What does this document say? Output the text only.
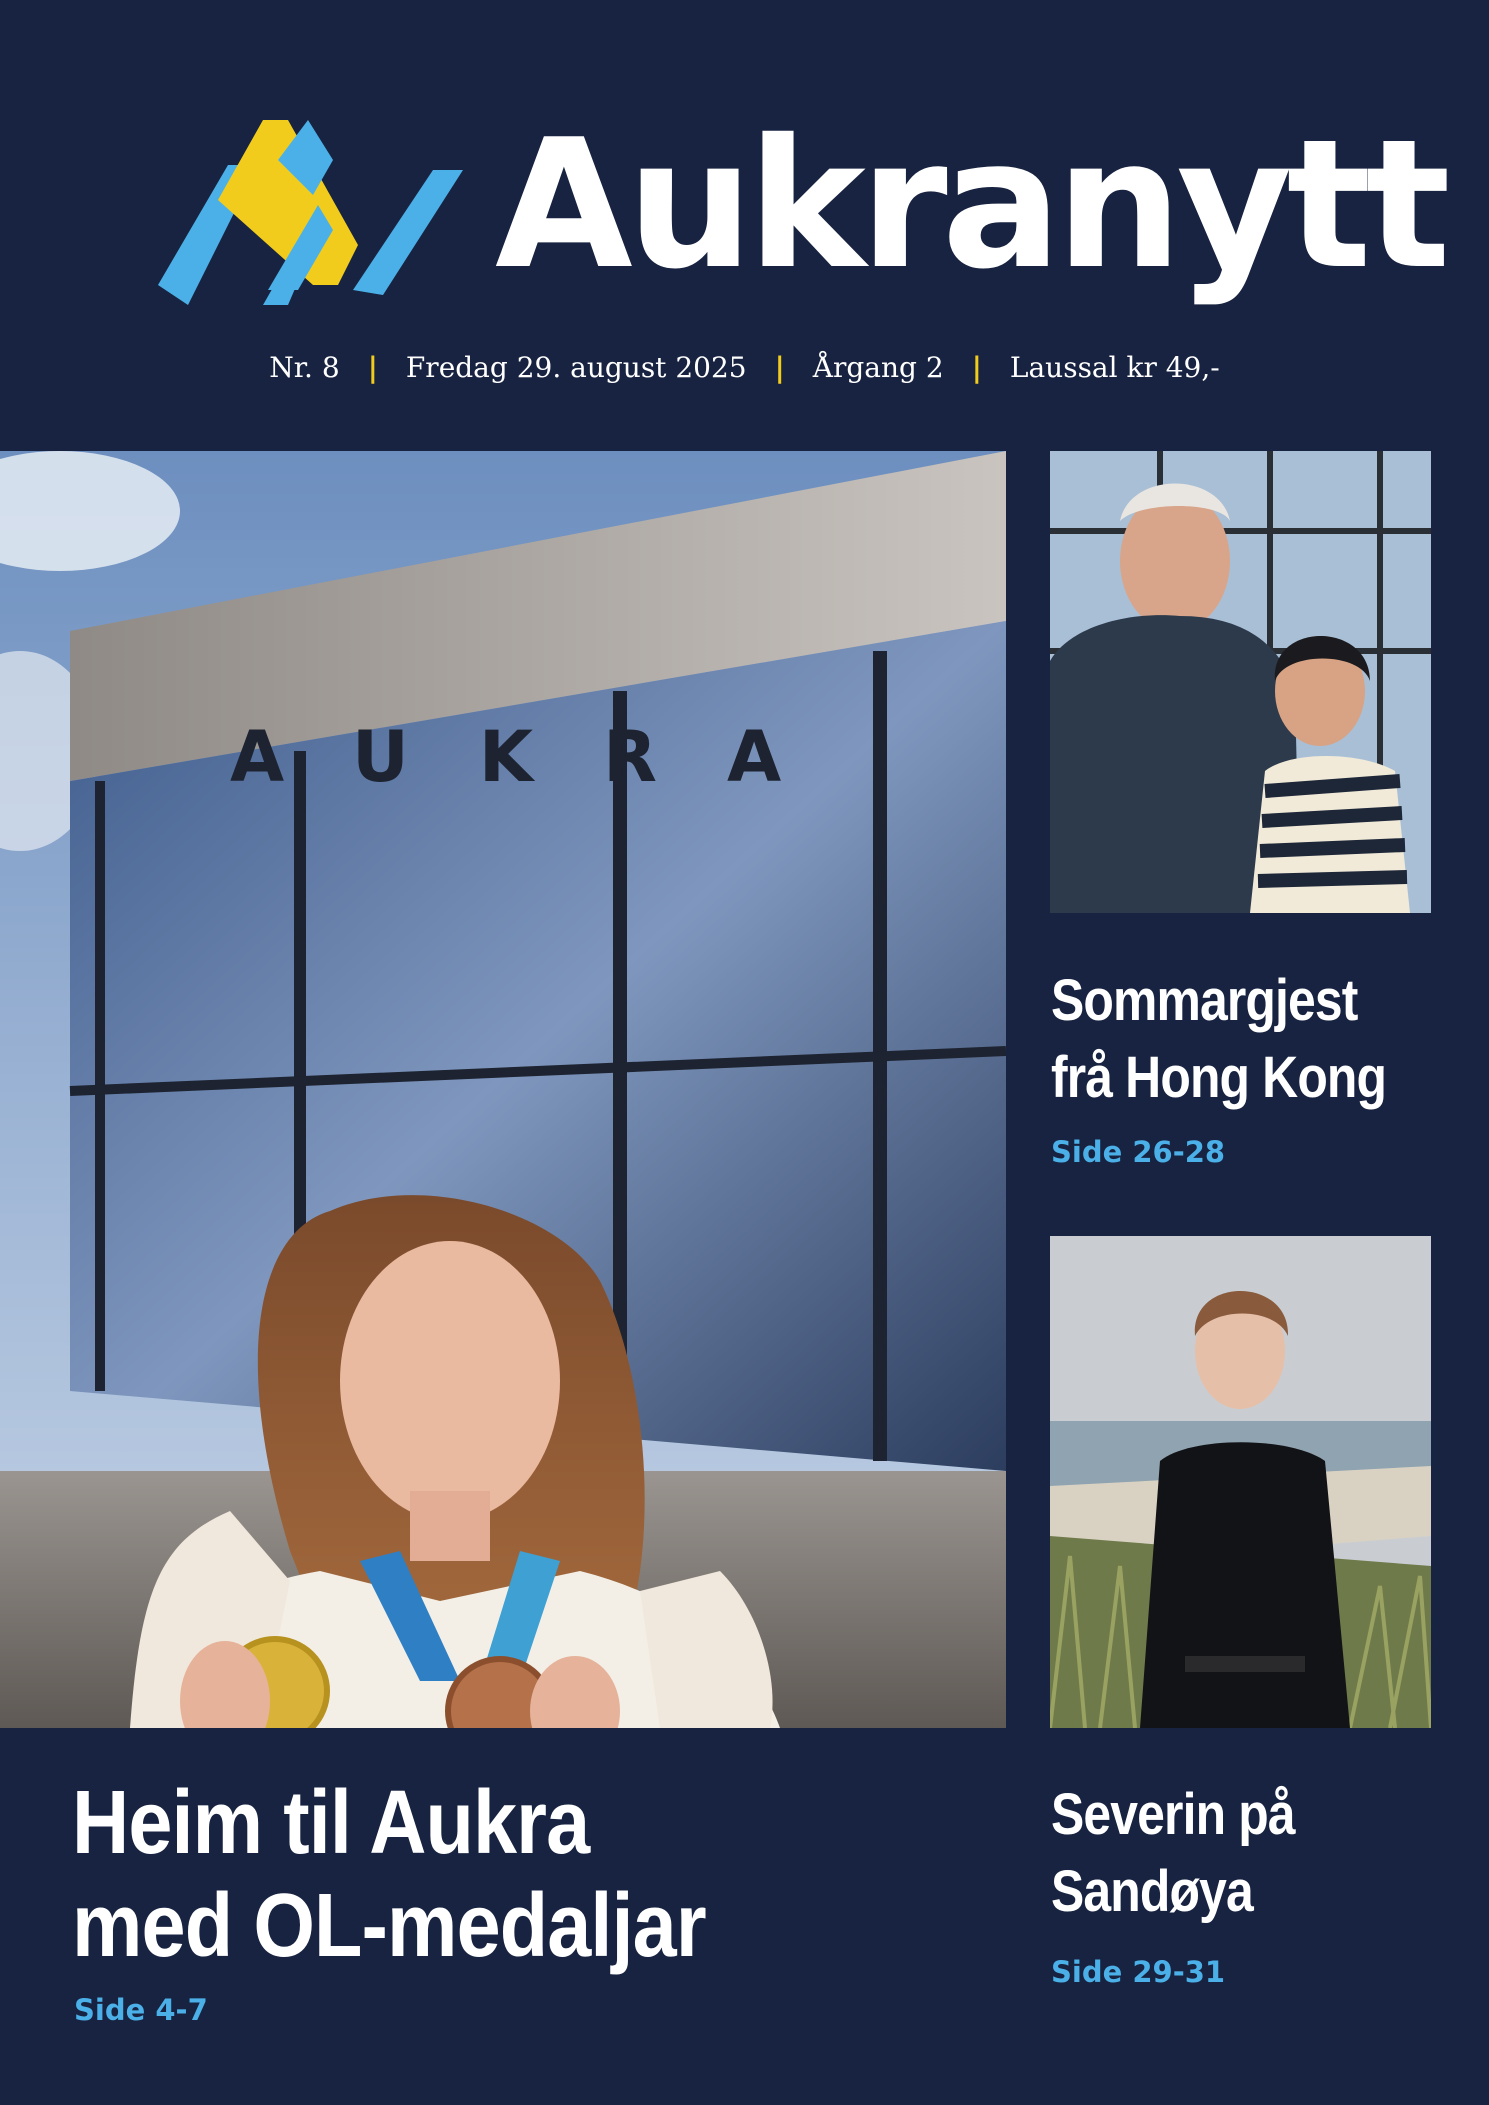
Aukranytt
Nr. 8 | Fredag 29. august 2025 | Årgang 2 | Laussal kr 49,-
AUKRA
Heim til Aukra
med OL-medaljar
Side 4-7
Sommargjest
frå Hong Kong
Side 26-28
Severin på
Sandøya
Side 29-31
